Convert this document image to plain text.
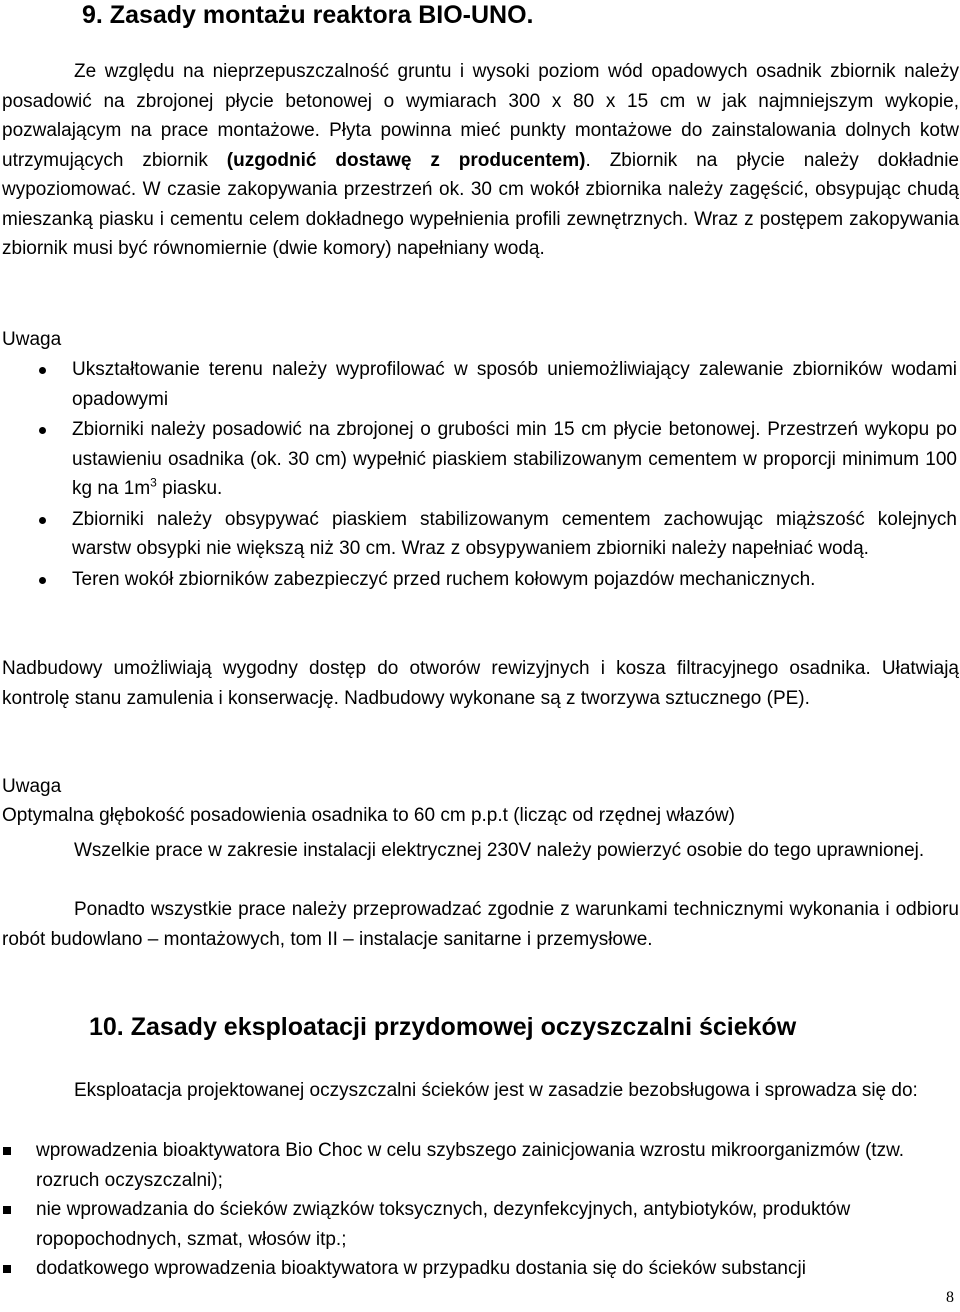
9. Zasady montażu reaktora BIO-UNO.

Ze względu na nieprzepuszczalność gruntu i wysoki poziom wód opadowych osadnik zbiornik należy posadowić na zbrojonej płycie betonowej o wymiarach 300 x 80 x 15 cm w jak najmniejszym wykopie, pozwalającym na prace montażowe. Płyta powinna mieć punkty montażowe do zainstalowania dolnych kotw utrzymujących zbiornik (uzgodnić dostawę z producentem). Zbiornik na płycie należy dokładnie wypoziomować. W czasie zakopywania przestrzeń ok. 30 cm wokół zbiornika należy zagęścić, obsypując chudą mieszanką piasku i cementu celem dokładnego wypełnienia profili zewnętrznych. Wraz z postępem zakopywania zbiornik musi być równomiernie (dwie komory) napełniany wodą.

Uwaga
Ukształtowanie terenu należy wyprofilować w sposób uniemożliwiający zalewanie zbiorników wodami opadowymi
Zbiorniki należy posadowić na zbrojonej o grubości min 15 cm płycie betonowej. Przestrzeń wykopu po ustawieniu osadnika (ok. 30 cm) wypełnić piaskiem stabilizowanym cementem w proporcji minimum 100 kg na $1m^3$ piasku.
Zbiorniki należy obsypywać piaskiem stabilizowanym cementem zachowując miąższość kolejnych warstw obsypki nie większą niż 30 cm. Wraz z obsypywaniem zbiorniki należy napełniać wodą.
Teren wokół zbiorników zabezpieczyć przed ruchem kołowym pojazdów mechanicznych.
Nadbudowy umożliwiają wygodny dostęp do otworów rewizyjnych i kosza filtracyjnego osadnika. Ułatwiają kontrolę stanu zamulenia i konserwację. Nadbudowy wykonane są z tworzywa sztucznego (PE).
Uwaga
Optymalna głębokość posadowienia osadnika to 60 cm p.p.t (licząc od rzędnej włazów)
Wszelkie prace w zakresie instalacji elektrycznej 230V należy powierzyć osobie do tego uprawnionej.
Ponadto wszystkie prace należy przeprowadzać zgodnie z warunkami technicznymi wykonania i odbioru robót budowlano – montażowych, tom II – instalacje sanitarne i przemysłowe.
10. Zasady eksploatacji przydomowej oczyszczalni ścieków
Eksploatacja projektowanej oczyszczalni ścieków jest w zasadzie bezobsługowa i sprowadza się do:
wprowadzenia bioaktywatora Bio Choc w celu szybszego zainicjowania wzrostu mikroorganizmów (tzw. rozruch oczyszczalni);
nie wprowadzania do ścieków związków toksycznych, dezynfekcyjnych, antybiotyków, produktów ropopochodnych, szmat, włosów itp.;
dodatkowego wprowadzenia bioaktywatora w przypadku dostania się do ścieków substancji
8
